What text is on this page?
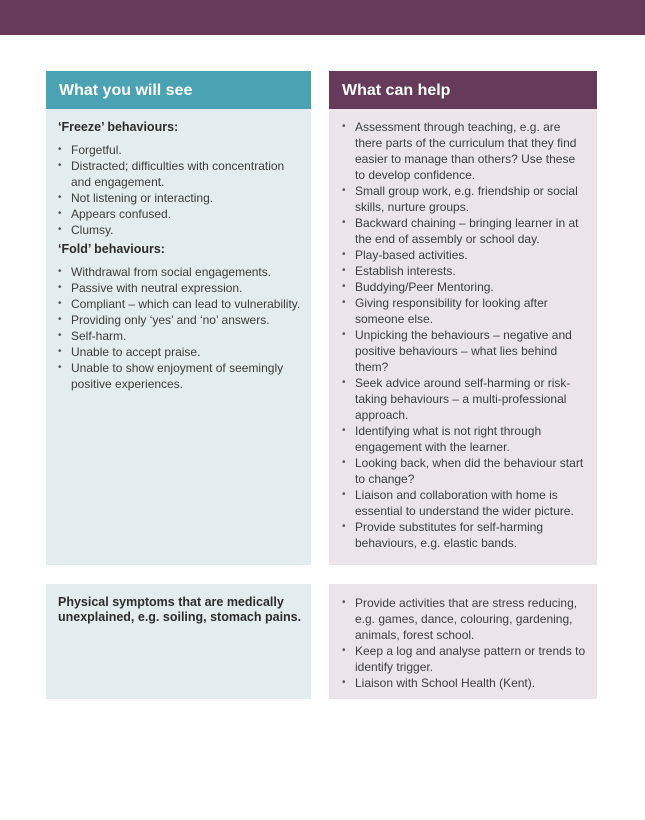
What you will see	What can help
‘Freeze’ behaviours:
• Forgetful.
• Distracted; difficulties with concentration and engagement.
• Not listening or interacting.
• Appears confused.
• Clumsy.
‘Fold’ behaviours:
• Withdrawal from social engagements.
• Passive with neutral expression.
• Compliant – which can lead to vulnerability.
• Providing only ‘yes’ and ‘no’ answers.
• Self-harm.
• Unable to accept praise.
• Unable to show enjoyment of seemingly positive experiences.
• Assessment through teaching, e.g. are there parts of the curriculum that they find easier to manage than others? Use these to develop confidence.
• Small group work, e.g. friendship or social skills, nurture groups.
• Backward chaining – bringing learner in at the end of assembly or school day.
• Play-based activities.
• Establish interests.
• Buddying/Peer Mentoring.
• Giving responsibility for looking after someone else.
• Unpicking the behaviours – negative and positive behaviours – what lies behind them?
• Seek advice around self-harming or risk-taking behaviours – a multi-professional approach.
• Identifying what is not right through engagement with the learner.
• Looking back, when did the behaviour start to change?
• Liaison and collaboration with home is essential to understand the wider picture.
• Provide substitutes for self-harming behaviours, e.g. elastic bands.
Physical symptoms that are medically unexplained, e.g. soiling, stomach pains.
• Provide activities that are stress reducing, e.g. games, dance, colouring, gardening, animals, forest school.
• Keep a log and analyse pattern or trends to identify trigger.
• Liaison with School Health (Kent).
